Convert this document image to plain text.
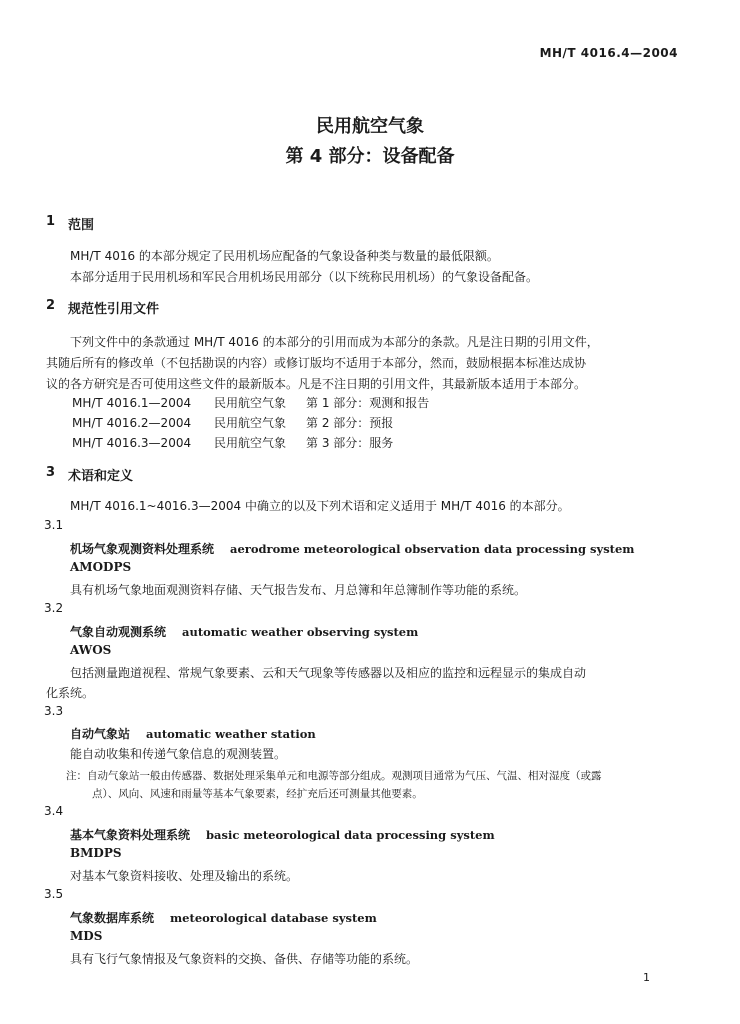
MH/T 4016.4—2004
民用航空气象
第 4 部分：设备配备
1 范围
MH/T 4016 的本部分规定了民用机场应配备的气象设备种类与数量的最低限额。
本部分适用于民用机场和军民合用机场民用部分（以下统称民用机场）的气象设备配备。
2 规范性引用文件
下列文件中的条款通过 MH/T 4016 的本部分的引用而成为本部分的条款。凡是注日期的引用文件，
其随后所有的修改单（不包括勘误的内容）或修订版均不适用于本部分，然而，鼓励根据本标准达成协
议的各方研究是否可使用这些文件的最新版本。凡是不注日期的引用文件，其最新版本适用于本部分。
MH/T 4016.1—2004 民用航空气象 第 1 部分：观测和报告
MH/T 4016.2—2004 民用航空气象 第 2 部分：预报
MH/T 4016.3—2004 民用航空气象 第 3 部分：服务
3 术语和定义
MH/T 4016.1~4016.3—2004 中确立的以及下列术语和定义适用于 MH/T 4016 的本部分。
3.1
机场气象观测资料处理系统 aerodrome meteorological observation data processing system
AMODPS
具有机场气象地面观测资料存储、天气报告发布、月总簿和年总簿制作等功能的系统。
3.2
气象自动观测系统 automatic weather observing system
AWOS
包括测量跑道视程、常规气象要素、云和天气现象等传感器以及相应的监控和远程显示的集成自动
化系统。
3.3
自动气象站 automatic weather station
能自动收集和传递气象信息的观测装置。
注：自动气象站一般由传感器、数据处理采集单元和电源等部分组成。观测项目通常为气压、气温、相对湿度（或露
点）、风向、风速和雨量等基本气象要素，经扩充后还可测量其他要素。
3.4
基本气象资料处理系统 basic meteorological data processing system
BMDPS
对基本气象资料接收、处理及输出的系统。
3.5
气象数据库系统 meteorological database system
MDS
具有飞行气象情报及气象资料的交换、备供、存储等功能的系统。
1
